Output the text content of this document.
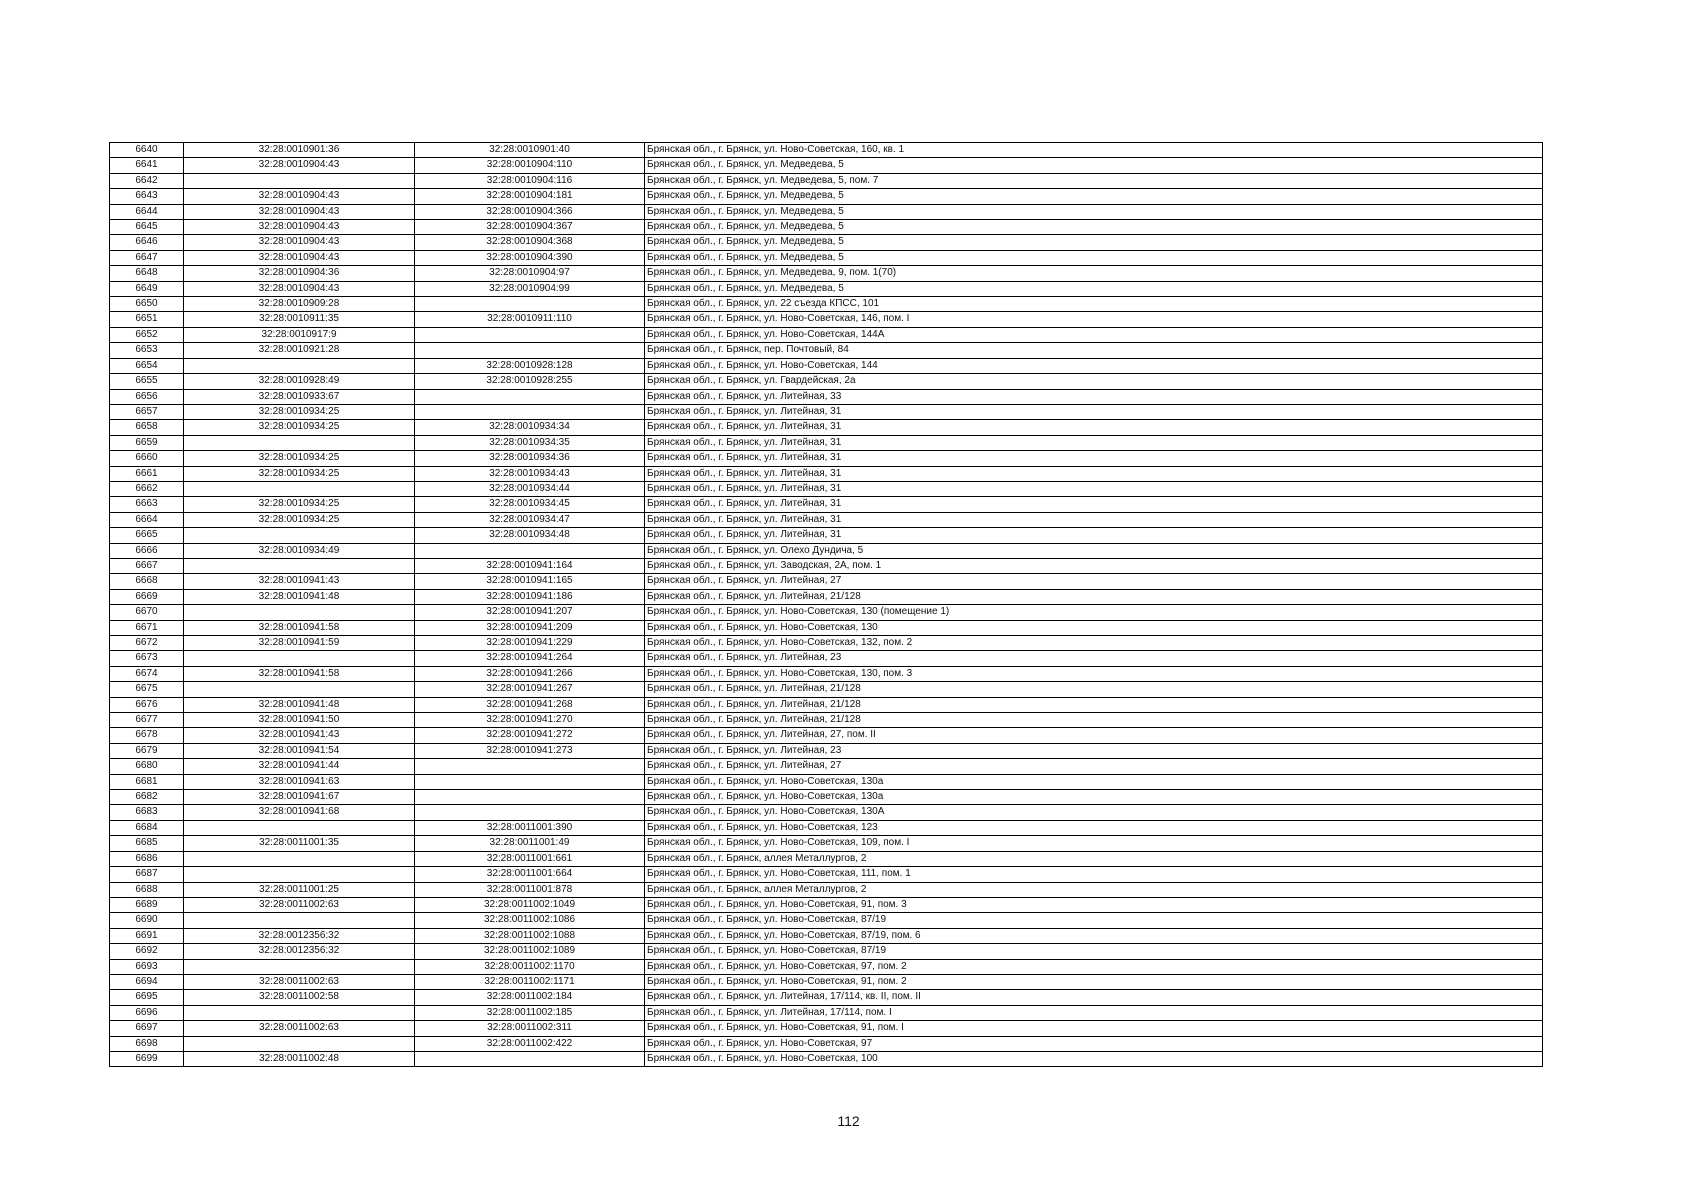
6640	32:28:0010901:36	32:28:0010901:40	Брянская обл., г. Брянск, ул. Ново-Советская, 160, кв. 1
6641	32:28:0010904:43	32:28:0010904:110	Брянская обл., г. Брянск, ул. Медведева, 5
6642		32:28:0010904:116	Брянская обл., г. Брянск, ул. Медведева, 5, пом. 7
6643	32:28:0010904:43	32:28:0010904:181	Брянская обл., г. Брянск, ул. Медведева, 5
6644	32:28:0010904:43	32:28:0010904:366	Брянская обл., г. Брянск, ул. Медведева, 5
6645	32:28:0010904:43	32:28:0010904:367	Брянская обл., г. Брянск, ул. Медведева, 5
6646	32:28:0010904:43	32:28:0010904:368	Брянская обл., г. Брянск, ул. Медведева, 5
6647	32:28:0010904:43	32:28:0010904:390	Брянская обл., г. Брянск, ул. Медведева, 5
6648	32:28:0010904:36	32:28:0010904:97	Брянская обл., г. Брянск, ул. Медведева, 9, пом. 1(70)
6649	32:28:0010904:43	32:28:0010904:99	Брянская обл., г. Брянск, ул. Медведева, 5
6650	32:28:0010909:28		Брянская обл., г. Брянск, ул. 22 съезда КПСС, 101
6651	32:28:0010911:35	32:28:0010911:110	Брянская обл., г. Брянск, ул. Ново-Советская, 146, пом. I
6652	32:28:0010917:9		Брянская обл., г. Брянск, ул. Ново-Советская, 144А
6653	32:28:0010921:28		Брянская обл., г. Брянск, пер. Почтовый, 84
6654		32:28:0010928:128	Брянская обл., г. Брянск, ул. Ново-Советская, 144
6655	32:28:0010928:49	32:28:0010928:255	Брянская обл., г. Брянск, ул. Гвардейская, 2а
6656	32:28:0010933:67		Брянская обл., г. Брянск, ул. Литейная, 33
6657	32:28:0010934:25		Брянская обл., г. Брянск, ул. Литейная, 31
6658	32:28:0010934:25	32:28:0010934:34	Брянская обл., г. Брянск, ул. Литейная, 31
6659		32:28:0010934:35	Брянская обл., г. Брянск, ул. Литейная, 31
6660	32:28:0010934:25	32:28:0010934:36	Брянская обл., г. Брянск, ул. Литейная, 31
6661	32:28:0010934:25	32:28:0010934:43	Брянская обл., г. Брянск, ул. Литейная, 31
6662		32:28:0010934:44	Брянская обл., г. Брянск, ул. Литейная, 31
6663	32:28:0010934:25	32:28:0010934:45	Брянская обл., г. Брянск, ул. Литейная, 31
6664	32:28:0010934:25	32:28:0010934:47	Брянская обл., г. Брянск, ул. Литейная, 31
6665		32:28:0010934:48	Брянская обл., г. Брянск, ул. Литейная, 31
6666	32:28:0010934:49		Брянская обл., г. Брянск, ул. Олехо Дундича, 5
6667		32:28:0010941:164	Брянская обл., г. Брянск, ул. Заводская, 2А, пом. 1
6668	32:28:0010941:43	32:28:0010941:165	Брянская обл., г. Брянск, ул. Литейная, 27
6669	32:28:0010941:48	32:28:0010941:186	Брянская обл., г. Брянск, ул. Литейная, 21/128
6670		32:28:0010941:207	Брянская обл., г. Брянск, ул. Ново-Советская, 130 (помещение 1)
6671	32:28:0010941:58	32:28:0010941:209	Брянская обл., г. Брянск, ул. Ново-Советская, 130
6672	32:28:0010941:59	32:28:0010941:229	Брянская обл., г. Брянск, ул. Ново-Советская, 132, пом. 2
6673		32:28:0010941:264	Брянская обл., г. Брянск, ул. Литейная, 23
6674	32:28:0010941:58	32:28:0010941:266	Брянская обл., г. Брянск, ул. Ново-Советская, 130, пом. 3
6675		32:28:0010941:267	Брянская обл., г. Брянск, ул. Литейная, 21/128
6676	32:28:0010941:48	32:28:0010941:268	Брянская обл., г. Брянск, ул. Литейная, 21/128
6677	32:28:0010941:50	32:28:0010941:270	Брянская обл., г. Брянск, ул. Литейная, 21/128
6678	32:28:0010941:43	32:28:0010941:272	Брянская обл., г. Брянск, ул. Литейная, 27, пом. II
6679	32:28:0010941:54	32:28:0010941:273	Брянская обл., г. Брянск, ул. Литейная, 23
6680	32:28:0010941:44		Брянская обл., г. Брянск, ул. Литейная, 27
6681	32:28:0010941:63		Брянская обл., г. Брянск, ул. Ново-Советская, 130а
6682	32:28:0010941:67		Брянская обл., г. Брянск, ул. Ново-Советская, 130а
6683	32:28:0010941:68		Брянская обл., г. Брянск, ул. Ново-Советская, 130А
6684		32:28:0011001:390	Брянская обл., г. Брянск, ул. Ново-Советская, 123
6685	32:28:0011001:35	32:28:0011001:49	Брянская обл., г. Брянск, ул. Ново-Советская, 109, пом. I
6686		32:28:0011001:661	Брянская обл., г. Брянск, аллея Металлургов, 2
6687		32:28:0011001:664	Брянская обл., г. Брянск, ул. Ново-Советская, 111, пом. 1
6688	32:28:0011001:25	32:28:0011001:878	Брянская обл., г. Брянск, аллея Металлургов, 2
6689	32:28:0011002:63	32:28:0011002:1049	Брянская обл., г. Брянск, ул. Ново-Советская, 91, пом. 3
6690		32:28:0011002:1086	Брянская обл., г. Брянск, ул. Ново-Советская, 87/19
6691	32:28:0012356:32	32:28:0011002:1088	Брянская обл., г. Брянск, ул. Ново-Советская, 87/19, пом. 6
6692	32:28:0012356:32	32:28:0011002:1089	Брянская обл., г. Брянск, ул. Ново-Советская, 87/19
6693		32:28:0011002:1170	Брянская обл., г. Брянск, ул. Ново-Советская, 97, пом. 2
6694	32:28:0011002:63	32:28:0011002:1171	Брянская обл., г. Брянск, ул. Ново-Советская, 91, пом. 2
6695	32:28:0011002:58	32:28:0011002:184	Брянская обл., г. Брянск, ул. Литейная, 17/114, кв. II, пом. II
6696		32:28:0011002:185	Брянская обл., г. Брянск, ул. Литейная, 17/114, пом. I
6697	32:28:0011002:63	32:28:0011002:311	Брянская обл., г. Брянск, ул. Ново-Советская, 91, пом. I
6698		32:28:0011002:422	Брянская обл., г. Брянск, ул. Ново-Советская, 97
6699	32:28:0011002:48		Брянская обл., г. Брянск, ул. Ново-Советская, 100
112
